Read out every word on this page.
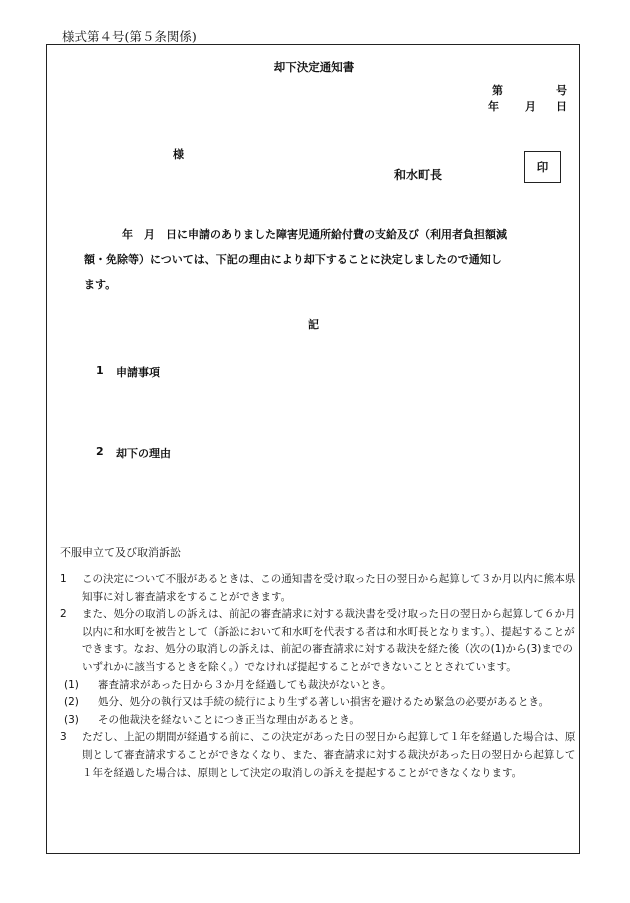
様式第４号(第５条関係)
却下決定通知書
第	号
年 月 日
様
和水町長
印
年　月　日に申請のありました障害児通所給付費の支給及び（利用者負担額減
額・免除等）については、下記の理由により却下することに決定しましたので通知し
ます。
記
1 申請事項
2 却下の理由
不服申立て及び取消訴訟
1 この決定について不服があるときは、この通知書を受け取った日の翌日から起算して３か月以内に熊本県知事に対し審査請求をすることができます。
2 また、処分の取消しの訴えは、前記の審査請求に対する裁決書を受け取った日の翌日から起算して６か月以内に和水町を被告として（訴訟において和水町を代表する者は和水町長となります。）、提起することができます。なお、処分の取消しの訴えは、前記の審査請求に対する裁決を経た後（次の(1)から(3)までのいずれかに該当するときを除く。）でなければ提起することができないこととされています。
(1) 審査請求があった日から３か月を経過しても裁決がないとき。
(2) 処分、処分の執行又は手続の続行により生ずる著しい損害を避けるため緊急の必要があるとき。
(3) その他裁決を経ないことにつき正当な理由があるとき。
3 ただし、上記の期間が経過する前に、この決定があった日の翌日から起算して１年を経過した場合は、原則として審査請求することができなくなり、また、審査請求に対する裁決があった日の翌日から起算して１年を経過した場合は、原則として決定の取消しの訴えを提起することができなくなります。
